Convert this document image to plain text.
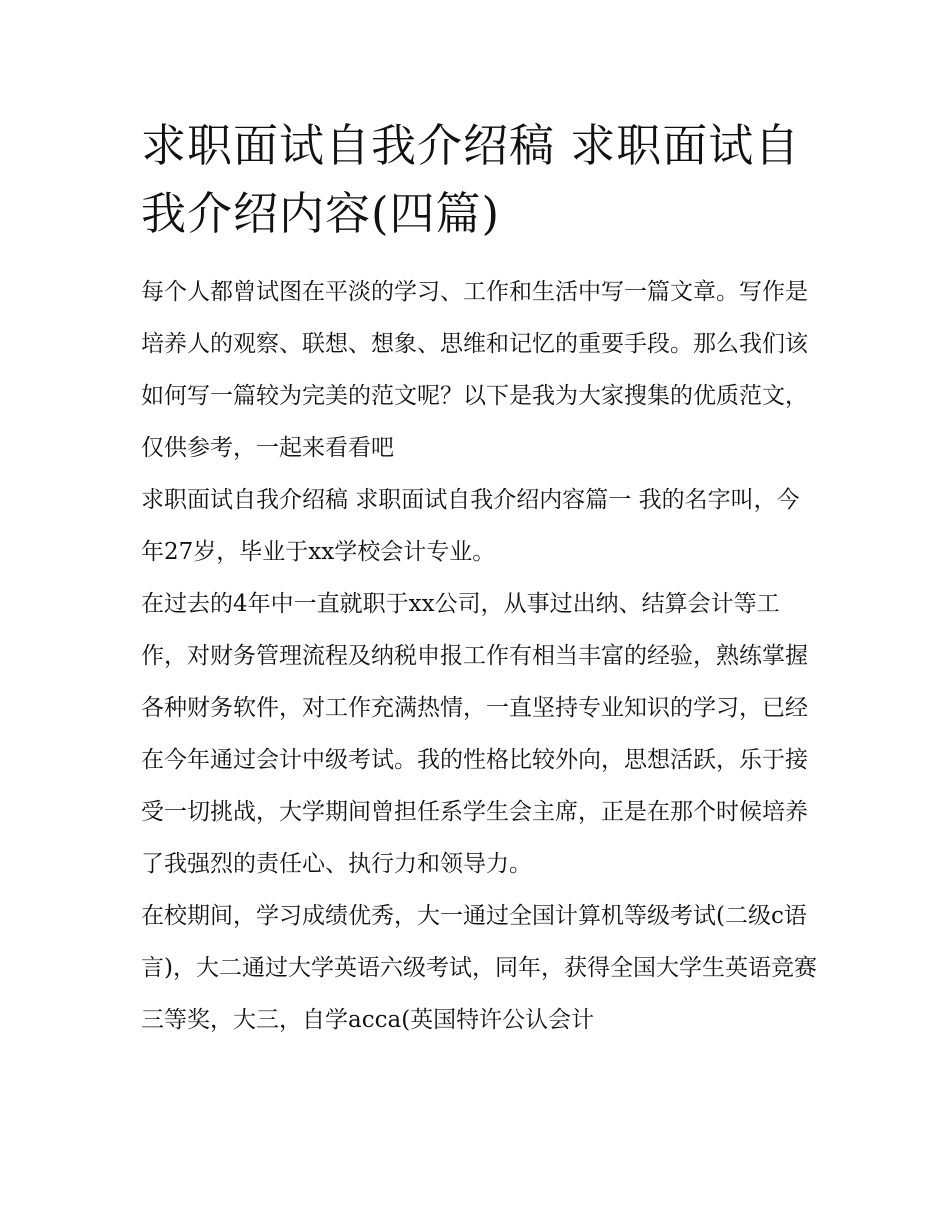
求职面试自我介绍稿 求职面试自我介绍内容(四篇)

每个人都曾试图在平淡的学习、工作和生活中写一篇文章。写作是培养人的观察、联想、想象、思维和记忆的重要手段。那么我们该如何写一篇较为完美的范文呢？以下是我为大家搜集的优质范文，仅供参考，一起来看看吧

求职面试自我介绍稿 求职面试自我介绍内容篇一 我的名字叫，今年27岁，毕业于xx学校会计专业。

在过去的4年中一直就职于xx公司，从事过出纳、结算会计等工作，对财务管理流程及纳税申报工作有相当丰富的经验，熟练掌握各种财务软件，对工作充满热情，一直坚持专业知识的学习，已经在今年通过会计中级考试。我的性格比较外向，思想活跃，乐于接受一切挑战，大学期间曾担任系学生会主席，正是在那个时候培养了我强烈的责任心、执行力和领导力。

在校期间，学习成绩优秀，大一通过全国计算机等级考试(二级c语言)，大二通过大学英语六级考试，同年，获得全国大学生英语竞赛三等奖，大三，自学acca(英国特许公认会计
